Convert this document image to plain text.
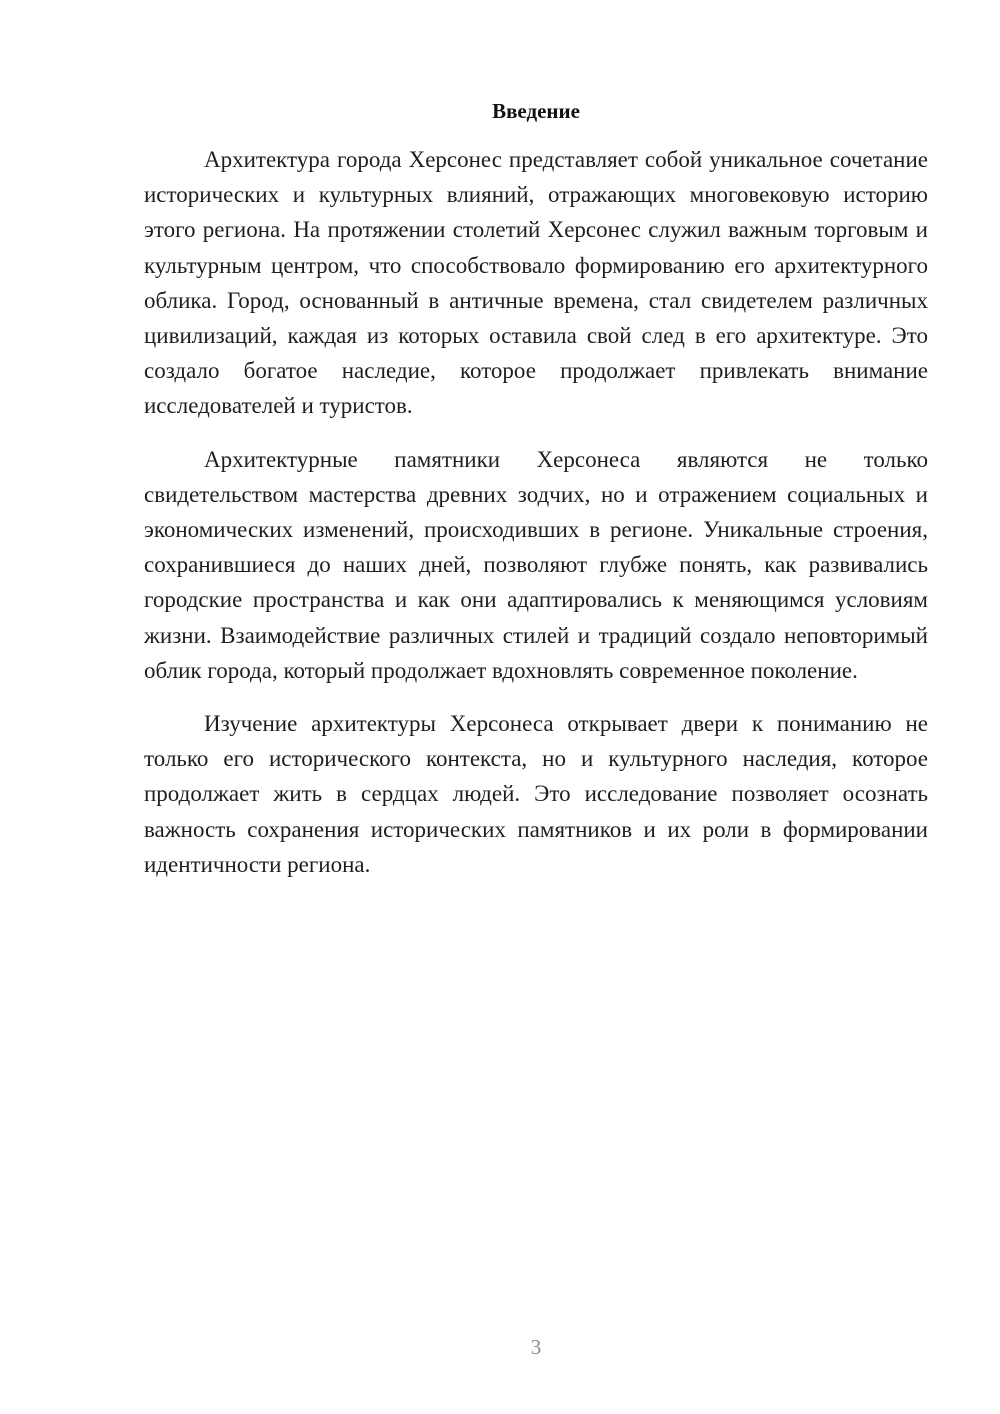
Введение

Архитектура города Херсонес представляет собой уникальное сочетание исторических и культурных влияний, отражающих многовековую историю этого региона. На протяжении столетий Херсонес служил важным торговым и культурным центром, что способствовало формированию его архитектурного облика. Город, основанный в античные времена, стал свидетелем различных цивилизаций, каждая из которых оставила свой след в его архитектуре. Это создало богатое наследие, которое продолжает привлекать внимание исследователей и туристов.

Архитектурные памятники Херсонеса являются не только свидетельством мастерства древних зодчих, но и отражением социальных и экономических изменений, происходивших в регионе. Уникальные строения, сохранившиеся до наших дней, позволяют глубже понять, как развивались городские пространства и как они адаптировались к меняющимся условиям жизни. Взаимодействие различных стилей и традиций создало неповторимый облик города, который продолжает вдохновлять современное поколение.

Изучение архитектуры Херсонеса открывает двери к пониманию не только его исторического контекста, но и культурного наследия, которое продолжает жить в сердцах людей. Это исследование позволяет осознать важность сохранения исторических памятников и их роли в формировании идентичности региона.

3
